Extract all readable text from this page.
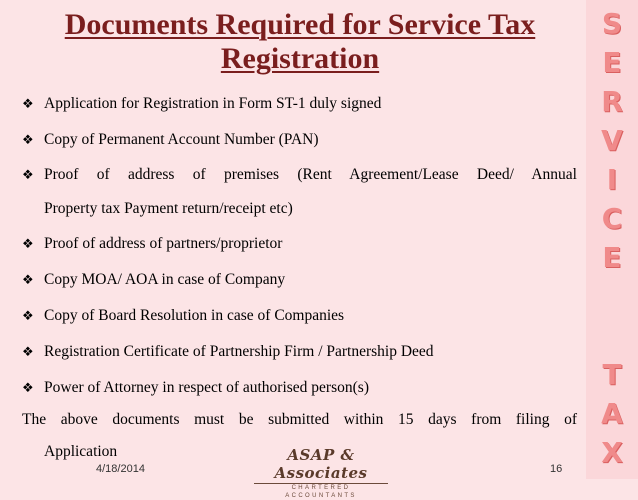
Documents Required for Service Tax
Registration
❖ Application for Registration in Form ST-1 duly signed
❖ Copy of Permanent Account Number (PAN)
❖ Proof of address of premises (Rent Agreement/Lease Deed/ Annual
Property tax Payment return/receipt etc)
❖ Proof of address of partners/proprietor
❖ Copy MOA/ AOA in case of Company
❖ Copy of Board Resolution in case of Companies
❖ Registration Certificate of Partnership Firm / Partnership Deed
❖ Power of Attorney in respect of authorised person(s)
The above documents must be submitted within 15 days from filing of
Application	ASAP & Associates
CHARTERED ACCOUNTANTS
4/18/2014	16
S
E
R
V
I
C
E
T
A
X
